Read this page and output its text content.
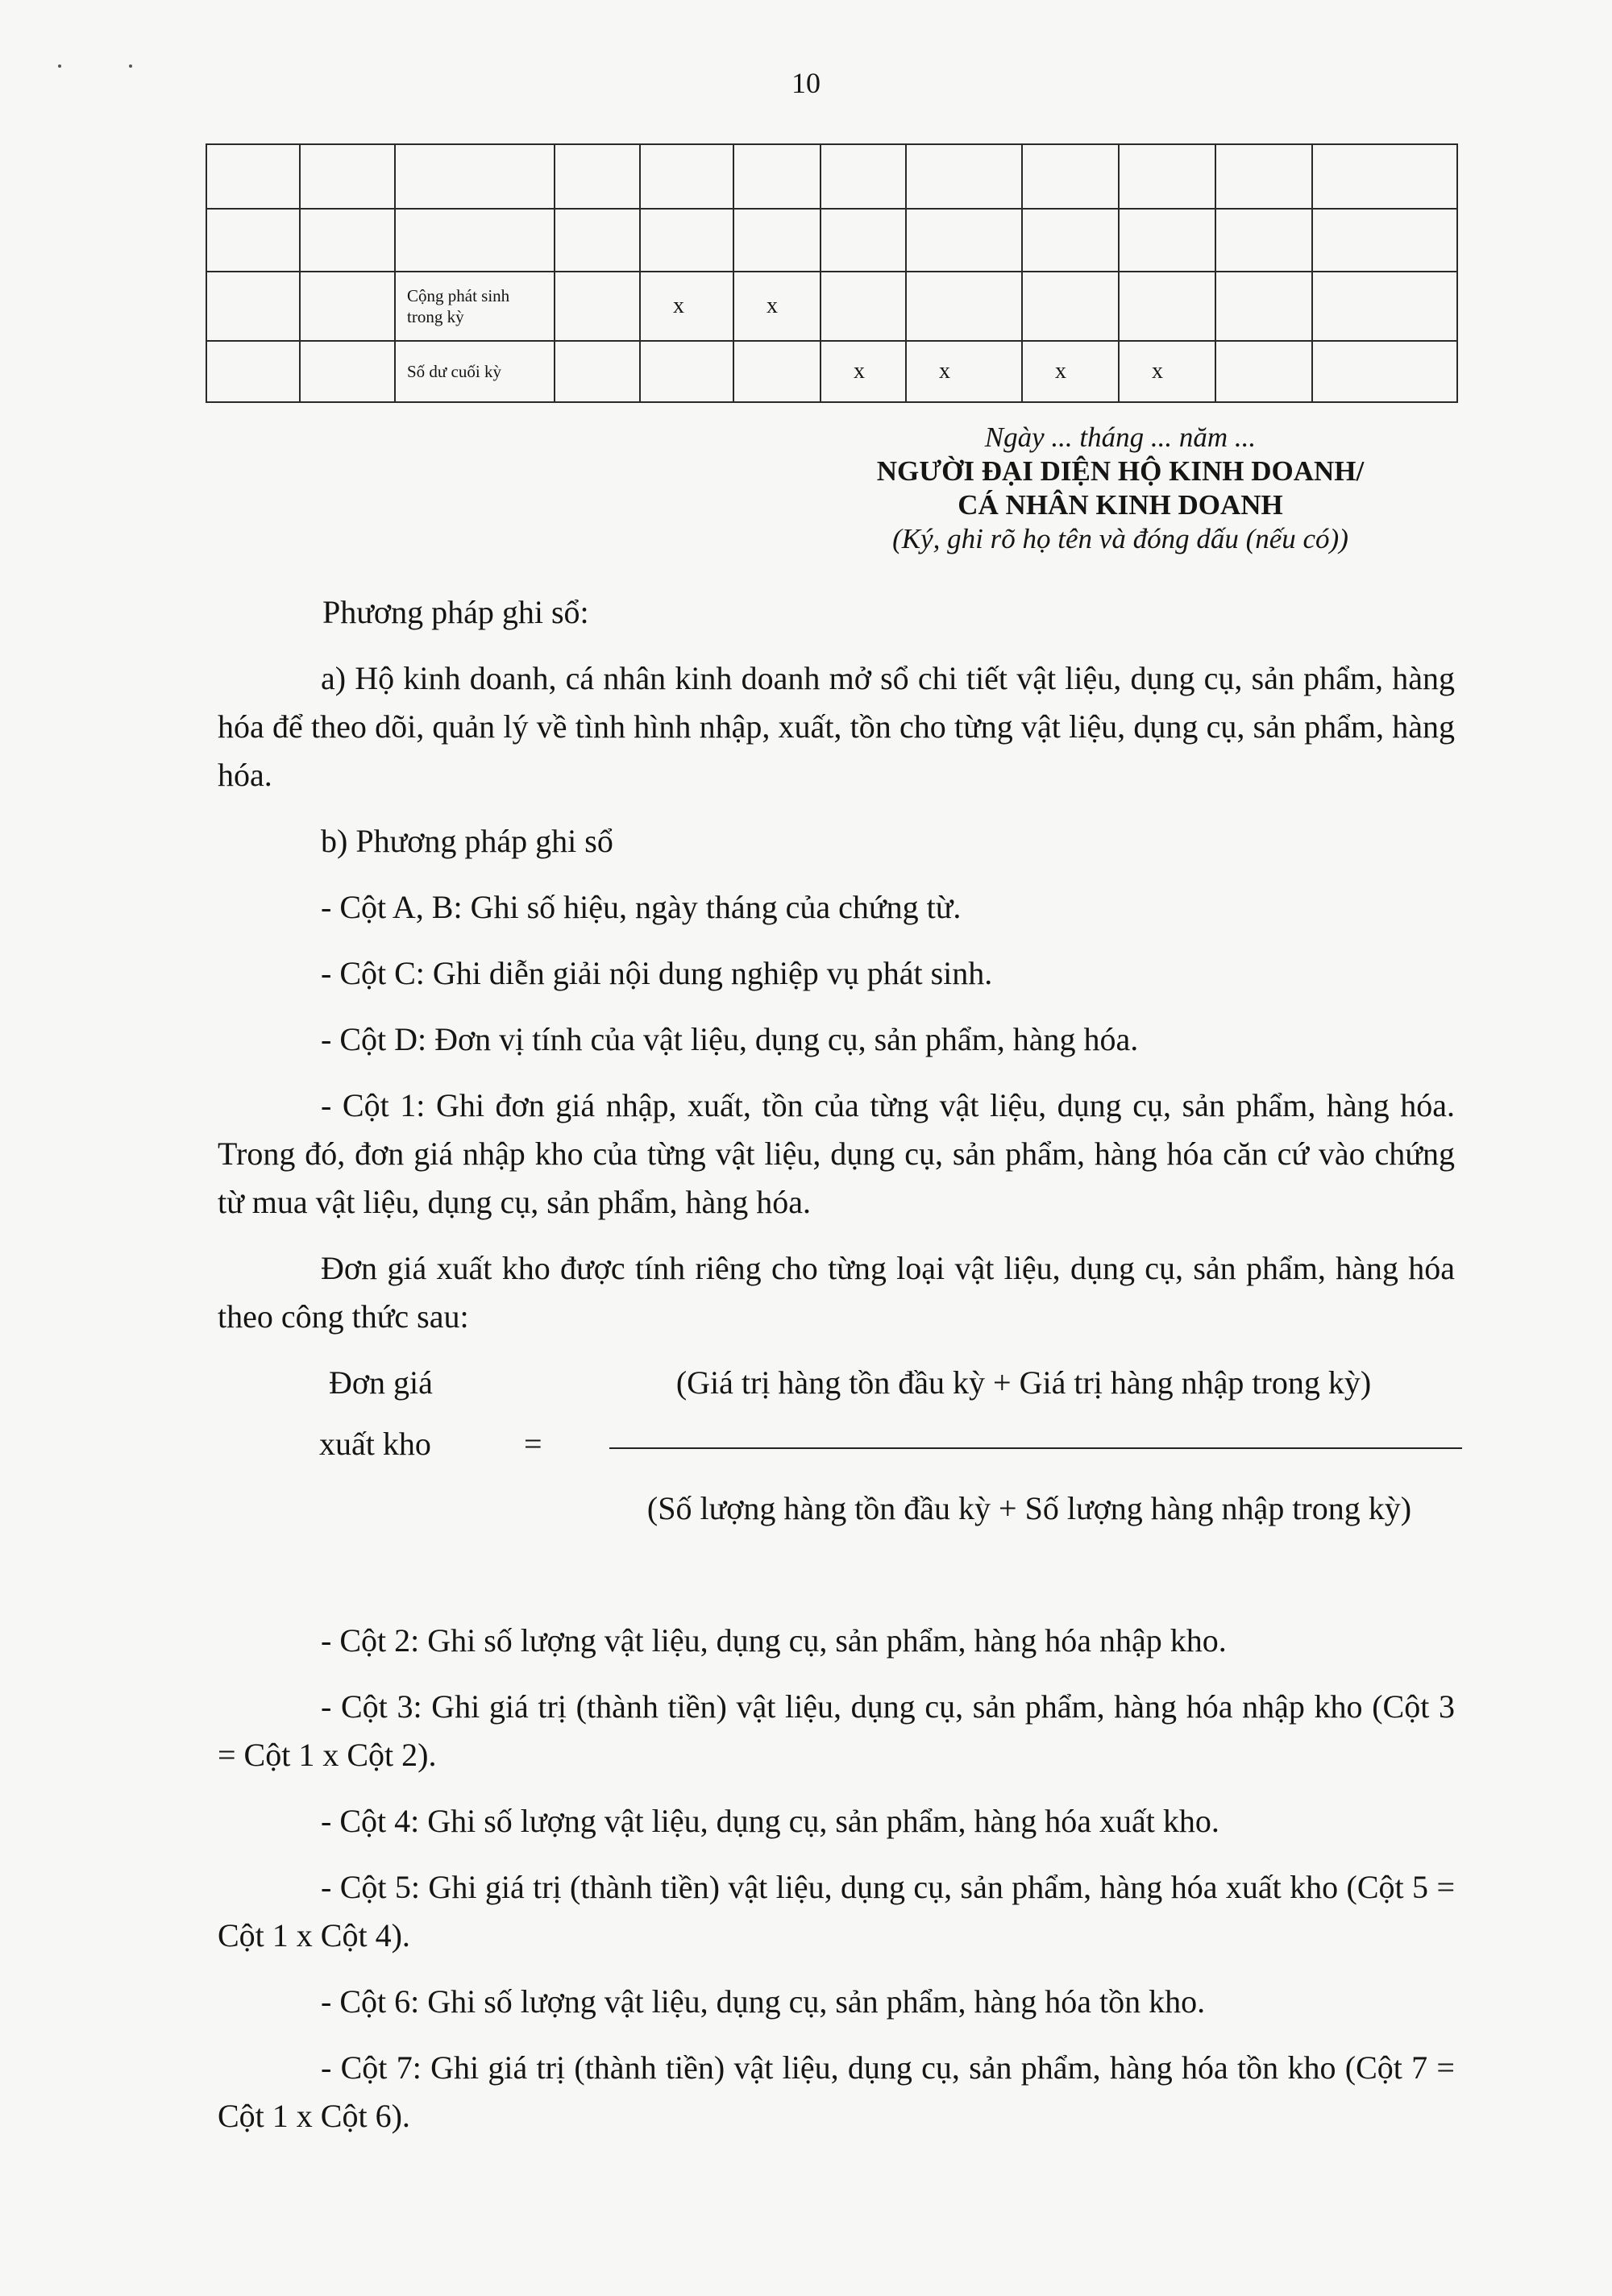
10

		Cộng phát sinh trong kỳ		x	x						
		Số dư cuối kỳ				x	x	x	x		
Ngày ... tháng ... năm ...
NGƯỜI ĐẠI DIỆN HỘ KINH DOANH/
CÁ NHÂN KINH DOANH
(Ký, ghi rõ họ tên và đóng dấu (nếu có))

Phương pháp ghi sổ:

a) Hộ kinh doanh, cá nhân kinh doanh mở sổ chi tiết vật liệu, dụng cụ, sản phẩm, hàng hóa để theo dõi, quản lý về tình hình nhập, xuất, tồn cho từng vật liệu, dụng cụ, sản phẩm, hàng hóa.

b) Phương pháp ghi sổ

- Cột A, B: Ghi số hiệu, ngày tháng của chứng từ.

- Cột C: Ghi diễn giải nội dung nghiệp vụ phát sinh.

- Cột D: Đơn vị tính của vật liệu, dụng cụ, sản phẩm, hàng hóa.

- Cột 1: Ghi đơn giá nhập, xuất, tồn của từng vật liệu, dụng cụ, sản phẩm, hàng hóa. Trong đó, đơn giá nhập kho của từng vật liệu, dụng cụ, sản phẩm, hàng hóa căn cứ vào chứng từ mua vật liệu, dụng cụ, sản phẩm, hàng hóa.

Đơn giá xuất kho được tính riêng cho từng loại vật liệu, dụng cụ, sản phẩm, hàng hóa theo công thức sau:

Đơn giá
xuất kho	=
(Giá trị hàng tồn đầu kỳ + Giá trị hàng nhập trong kỳ)
(Số lượng hàng tồn đầu kỳ + Số lượng hàng nhập trong kỳ)

- Cột 2: Ghi số lượng vật liệu, dụng cụ, sản phẩm, hàng hóa nhập kho.

- Cột 3: Ghi giá trị (thành tiền) vật liệu, dụng cụ, sản phẩm, hàng hóa nhập kho (Cột 3 = Cột 1 x Cột 2).

- Cột 4: Ghi số lượng vật liệu, dụng cụ, sản phẩm, hàng hóa xuất kho.

- Cột 5: Ghi giá trị (thành tiền) vật liệu, dụng cụ, sản phẩm, hàng hóa xuất kho (Cột 5 = Cột 1 x Cột 4).

- Cột 6: Ghi số lượng vật liệu, dụng cụ, sản phẩm, hàng hóa tồn kho.

- Cột 7: Ghi giá trị (thành tiền) vật liệu, dụng cụ, sản phẩm, hàng hóa tồn kho (Cột 7 = Cột 1 x Cột 6).
